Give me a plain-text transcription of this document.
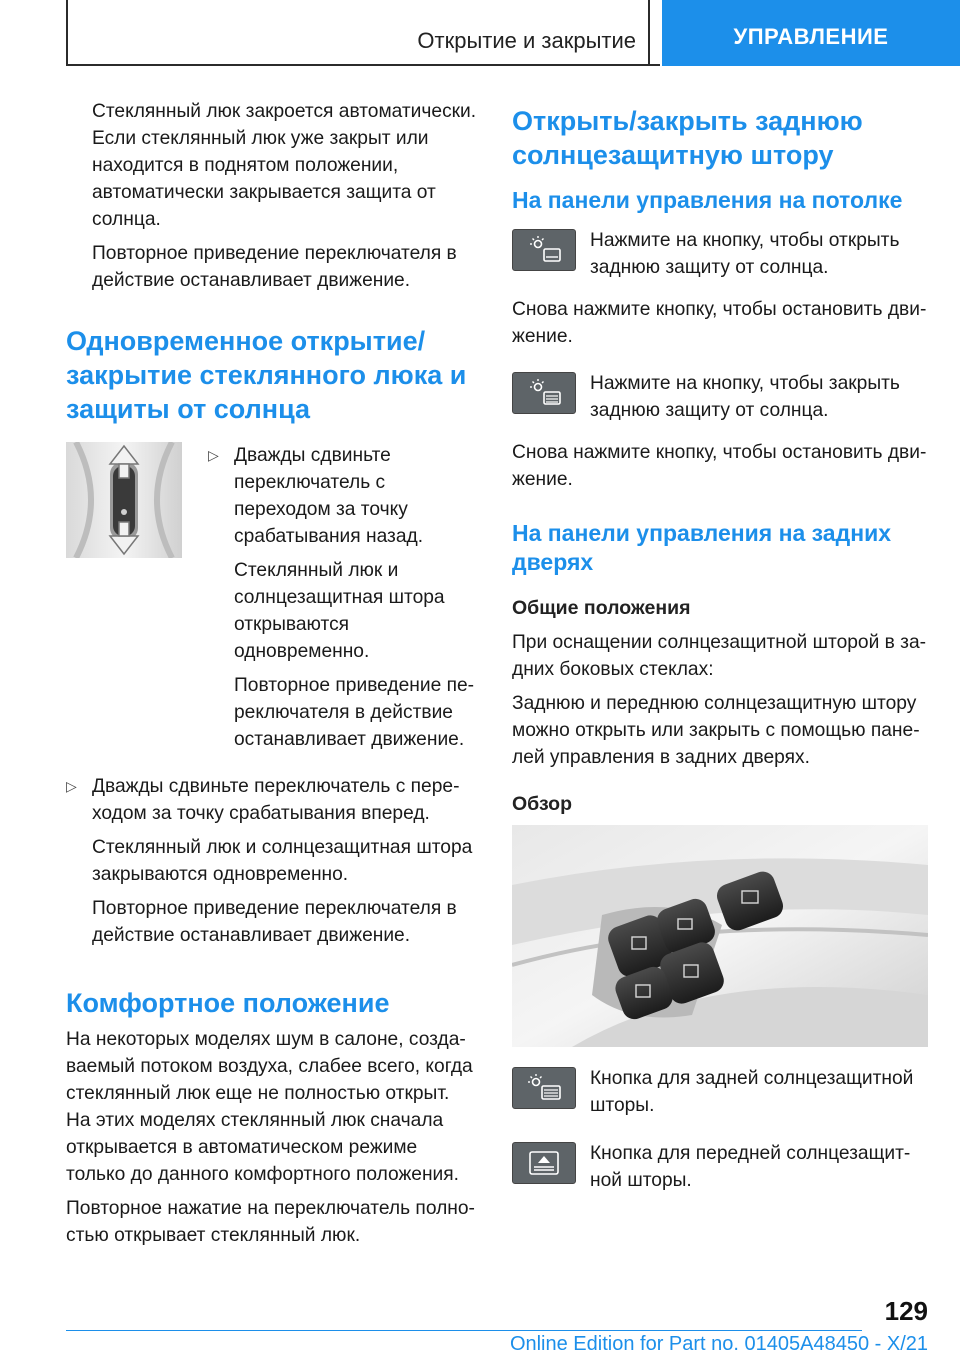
Открытие и закрытие	УПРАВЛЕНИЕ

Стеклянный люк закроется автоматически. Если стеклянный люк уже закрыт или находится в поднятом положении, автоматически закрывается защита от солнца.

Повторное приведение переключателя в действие останавливает движение.

Одновременное открытие/ закрытие стеклянного люка и защиты от солнца
▷ Дважды сдвиньте переключатель с переходом за точку срабатывания назад.

Стеклянный люк и солнцезащитная штора открываются одновременно.

Повторное приведение переключателя в действие останавливает движение.

▷ Дважды сдвиньте переключатель с переходом за точку срабатывания вперед.

Стеклянный люк и солнцезащитная штора закрываются одновременно.

Повторное приведение переключателя в действие останавливает движение.

Комфортное положение

На некоторых моделях шум в салоне, создаваемый потоком воздуха, слабее всего, когда стеклянный люк еще не полностью открыт. На этих моделях стеклянный люк сначала открывается в автоматическом режиме только до данного комфортного положения.

Повторное нажатие на переключатель полностью открывает стеклянный люк.

Открыть/закрыть заднюю солнцезащитную штору
На панели управления на потолке

Нажмите на кнопку, чтобы открыть заднюю защиту от солнца.

Снова нажмите кнопку, чтобы остановить движение.

Нажмите на кнопку, чтобы закрыть заднюю защиту от солнца.

Снова нажмите кнопку, чтобы остановить движение.

На панели управления на задних дверях
Общие положения

При оснащении солнцезащитной шторой в задних боковых стеклах:

Заднюю и переднюю солнцезащитную штору можно открыть или закрыть с помощью панелей управления в задних дверях.

Обзор

Кнопка для задней солнцезащитной шторы.

Кнопка для передней солнцезащитной шторы.

129
Online Edition for Part no. 01405A48450 - X/21
